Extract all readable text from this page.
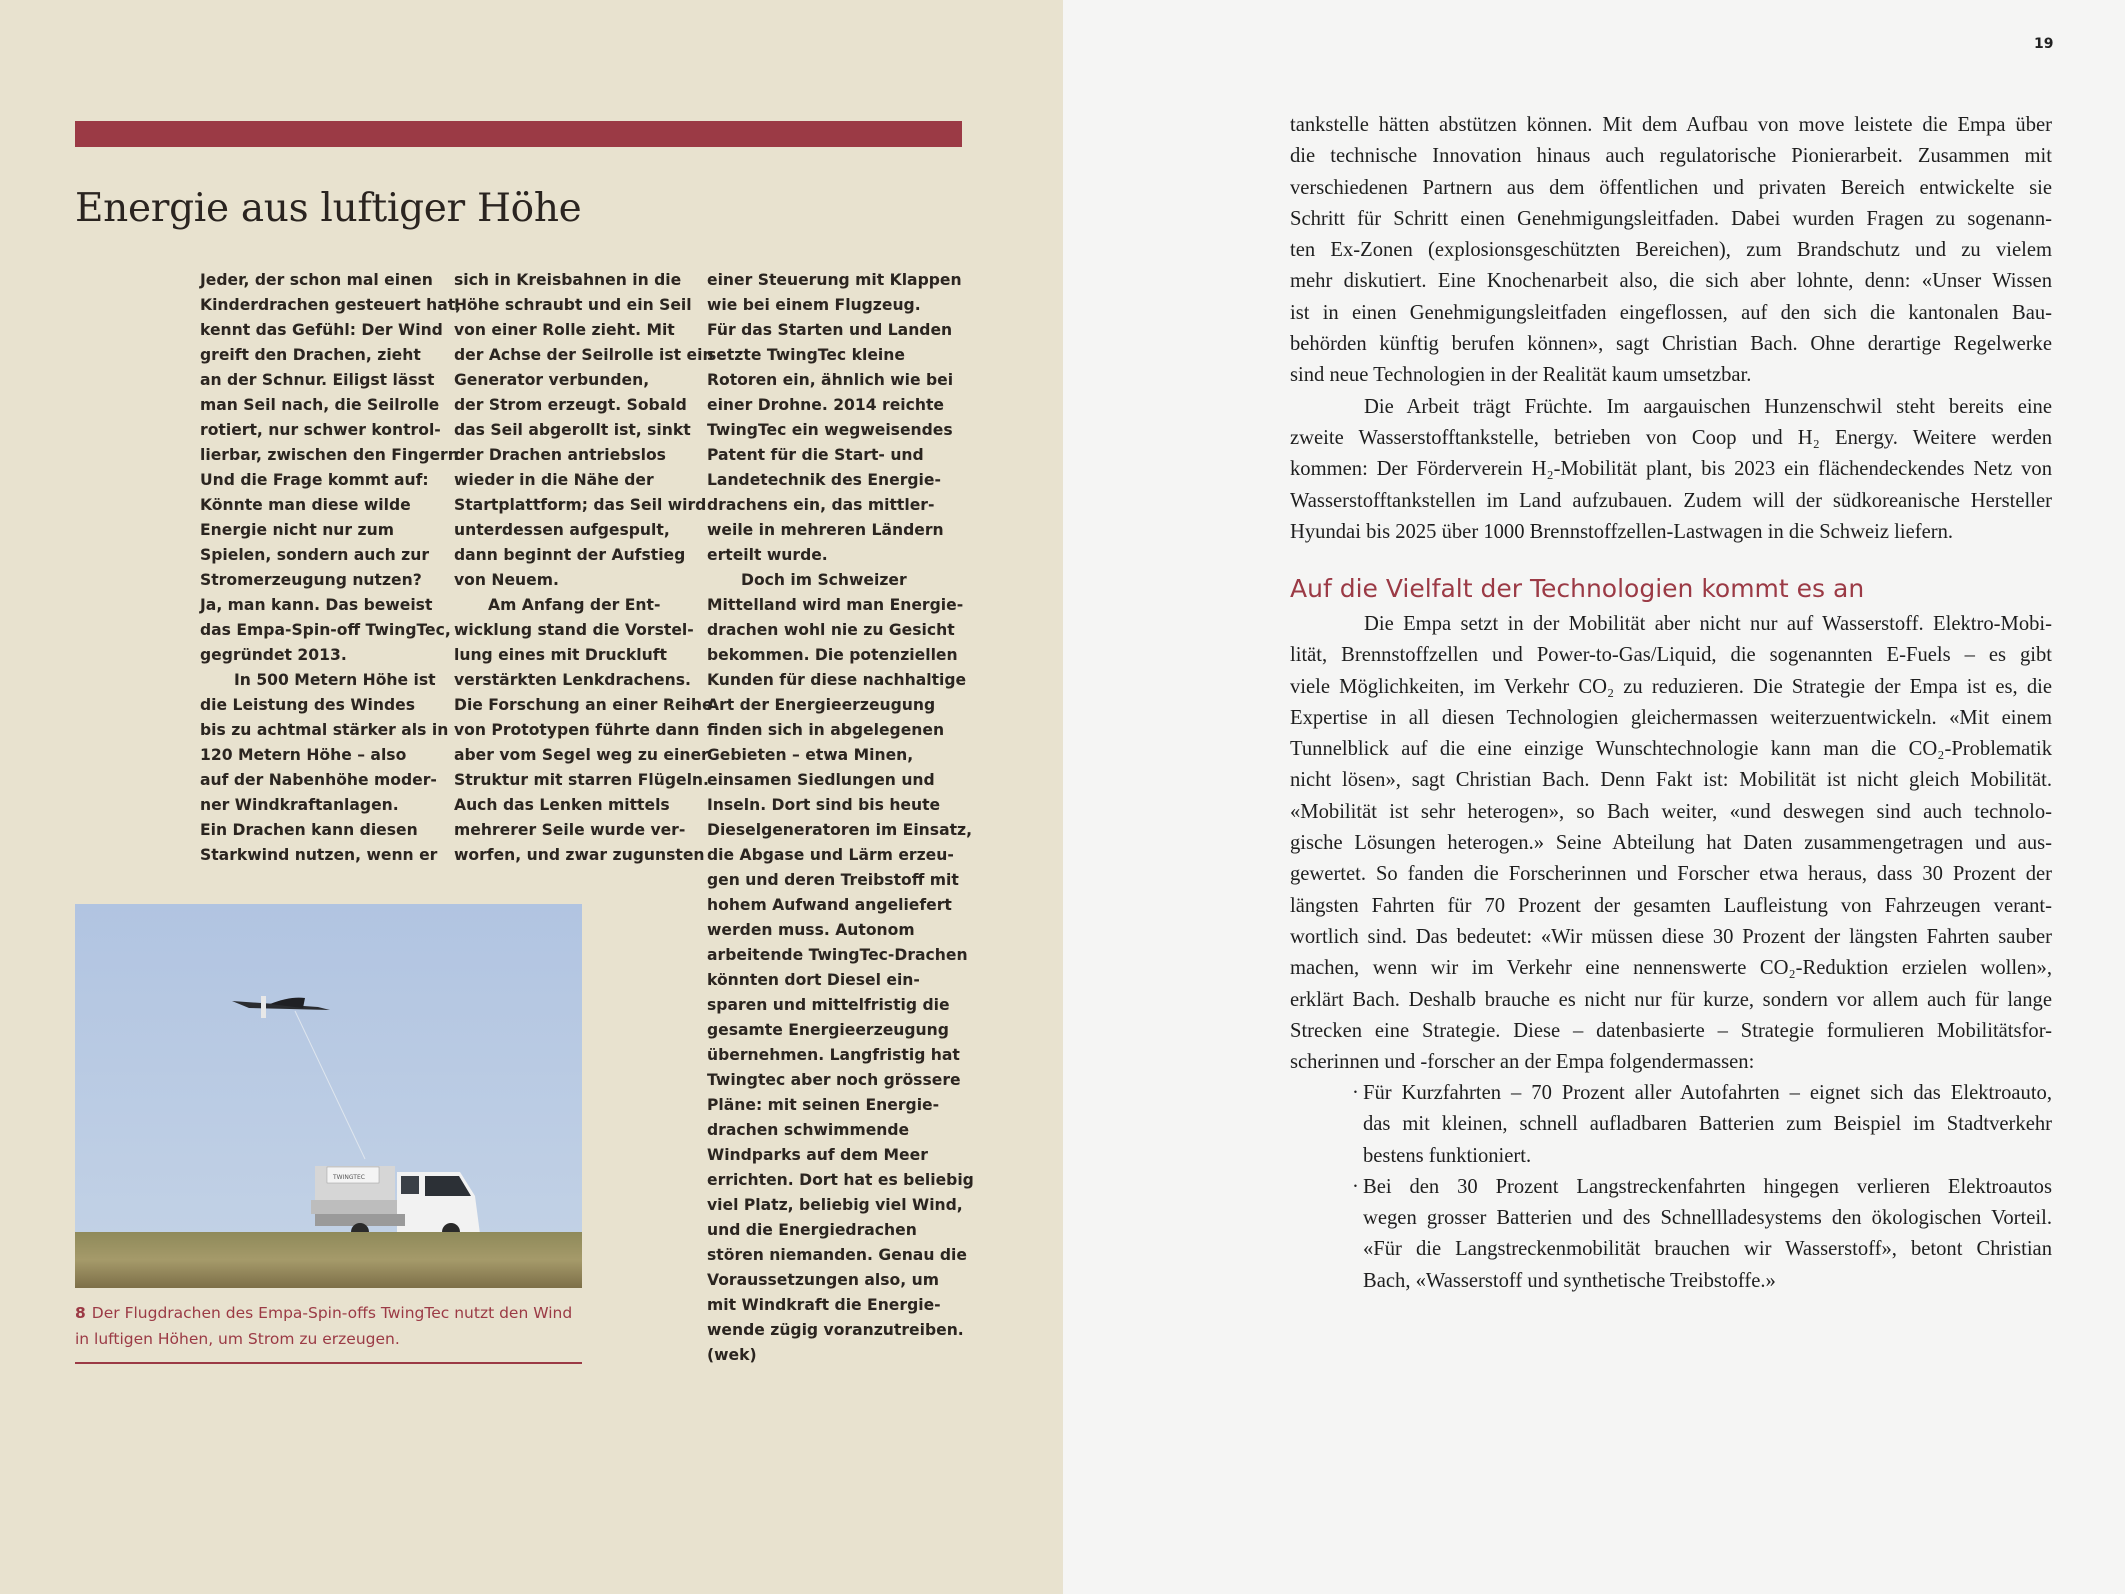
Energie aus luftiger Höhe
Jeder, der schon mal einen
Kinderdrachen gesteuert hat,
kennt das Gefühl: Der Wind
greift den Drachen, zieht
an der Schnur. Eiligst lässt
man Seil nach, die Seilrolle
rotiert, nur schwer kontrol-
lierbar, zwischen den Fingern.
Und die Frage kommt auf:
Könnte man diese wilde
Energie nicht nur zum
Spielen, sondern auch zur
Stromerzeugung nutzen?
Ja, man kann. Das beweist
das Empa-Spin-off TwingTec,
gegründet 2013.
In 500 Metern Höhe ist
die Leistung des Windes
bis zu achtmal stärker als in
120 Metern Höhe – also
auf der Nabenhöhe moder-
ner Windkraftanlagen.
Ein Drachen kann diesen
Starkwind nutzen, wenn er
sich in Kreisbahnen in die
Höhe schraubt und ein Seil
von einer Rolle zieht. Mit
der Achse der Seilrolle ist ein
Generator verbunden,
der Strom erzeugt. Sobald
das Seil abgerollt ist, sinkt
der Drachen antriebslos
wieder in die Nähe der
Startplattform; das Seil wird
unterdessen aufgespult,
dann beginnt der Aufstieg
von Neuem.
Am Anfang der Ent-
wicklung stand die Vorstel-
lung eines mit Druckluft
verstärkten Lenkdrachens.
Die Forschung an einer Reihe
von Prototypen führte dann
aber vom Segel weg zu einer
Struktur mit starren Flügeln.
Auch das Lenken mittels
mehrerer Seile wurde ver-
worfen, und zwar zugunsten
einer Steuerung mit Klappen
wie bei einem Flugzeug.
Für das Starten und Landen
setzte TwingTec kleine
Rotoren ein, ähnlich wie bei
einer Drohne. 2014 reichte
TwingTec ein wegweisendes
Patent für die Start- und
Landetechnik des Energie-
drachens ein, das mittler-
weile in mehreren Ländern
erteilt wurde.
Doch im Schweizer
Mittelland wird man Energie-
drachen wohl nie zu Gesicht
bekommen. Die potenziellen
Kunden für diese nachhaltige
Art der Energieerzeugung
finden sich in abgelegenen
Gebieten – etwa Minen,
einsamen Siedlungen und
Inseln. Dort sind bis heute
Dieselgeneratoren im Einsatz,
die Abgase und Lärm erzeu-
gen und deren Treibstoff mit
hohem Aufwand angeliefert
werden muss. Autonom
arbeitende TwingTec-Drachen
könnten dort Diesel ein-
sparen und mittelfristig die
gesamte Energieerzeugung
übernehmen. Langfristig hat
Twingtec aber noch grössere
Pläne: mit seinen Energie-
drachen schwimmende
Windparks auf dem Meer
errichten. Dort hat es beliebig
viel Platz, beliebig viel Wind,
und die Energiedrachen
stören niemanden. Genau die
Voraussetzungen also, um
mit Windkraft die Energie-
wende zügig voranzutreiben.
(wek)
TWINGTEC
8 Der Flugdrachen des Empa-Spin-offs TwingTec nutzt den Wind
in luftigen Höhen, um Strom zu erzeugen.
19
tankstelle hätten abstützen können. Mit dem Aufbau von move leistete die Empa über
die technische Innovation hinaus auch regulatorische Pionierarbeit. Zusammen mit
verschiedenen Partnern aus dem öffentlichen und privaten Bereich entwickelte sie
Schritt für Schritt einen Genehmigungsleitfaden. Dabei wurden Fragen zu sogenann-
ten Ex-Zonen (explosionsgeschützten Bereichen), zum Brandschutz und zu vielem
mehr diskutiert. Eine Knochenarbeit also, die sich aber lohnte, denn: «Unser Wissen
ist in einen Genehmigungsleitfaden eingeflossen, auf den sich die kantonalen Bau-
behörden künftig berufen können», sagt Christian Bach. Ohne derartige Regelwerke
sind neue Technologien in der Realität kaum umsetzbar.
Die Arbeit trägt Früchte. Im aargauischen Hunzenschwil steht bereits eine
zweite Wasserstofftankstelle, betrieben von Coop und H₂ Energy. Weitere werden
kommen: Der Förderverein H₂-Mobilität plant, bis 2023 ein flächendeckendes Netz von
Wasserstofftankstellen im Land aufzubauen. Zudem will der südkoreanische Hersteller
Hyundai bis 2025 über 1000 Brennstoffzellen-Lastwagen in die Schweiz liefern.
Auf die Vielfalt der Technologien kommt es an
Die Empa setzt in der Mobilität aber nicht nur auf Wasserstoff. Elektro-Mobi-
lität, Brennstoffzellen und Power-to-Gas/Liquid, die sogenannten E-Fuels – es gibt
viele Möglichkeiten, im Verkehr CO₂ zu reduzieren. Die Strategie der Empa ist es, die
Expertise in all diesen Technologien gleichermassen weiterzuentwickeln. «Mit einem
Tunnelblick auf die eine einzige Wunschtechnologie kann man die CO₂-Problematik
nicht lösen», sagt Christian Bach. Denn Fakt ist: Mobilität ist nicht gleich Mobilität.
«Mobilität ist sehr heterogen», so Bach weiter, «und deswegen sind auch technolo-
gische Lösungen heterogen.» Seine Abteilung hat Daten zusammengetragen und aus-
gewertet. So fanden die Forscherinnen und Forscher etwa heraus, dass 30 Prozent der
längsten Fahrten für 70 Prozent der gesamten Laufleistung von Fahrzeugen verant-
wortlich sind. Das bedeutet: «Wir müssen diese 30 Prozent der längsten Fahrten sauber
machen, wenn wir im Verkehr eine nennenswerte CO₂-Reduktion erzielen wollen»,
erklärt Bach. Deshalb brauche es nicht nur für kurze, sondern vor allem auch für lange
Strecken eine Strategie. Diese – datenbasierte – Strategie formulieren Mobilitätsfor-
scherinnen und -forscher an der Empa folgendermassen:
· Für Kurzfahrten – 70 Prozent aller Autofahrten – eignet sich das Elektroauto,
das mit kleinen, schnell aufladbaren Batterien zum Beispiel im Stadtverkehr
bestens funktioniert.
· Bei den 30 Prozent Langstreckenfahrten hingegen verlieren Elektroautos
wegen grosser Batterien und des Schnellladesystems den ökologischen Vorteil.
«Für die Langstreckenmobilität brauchen wir Wasserstoff», betont Christian
Bach, «Wasserstoff und synthetische Treibstoffe.»
